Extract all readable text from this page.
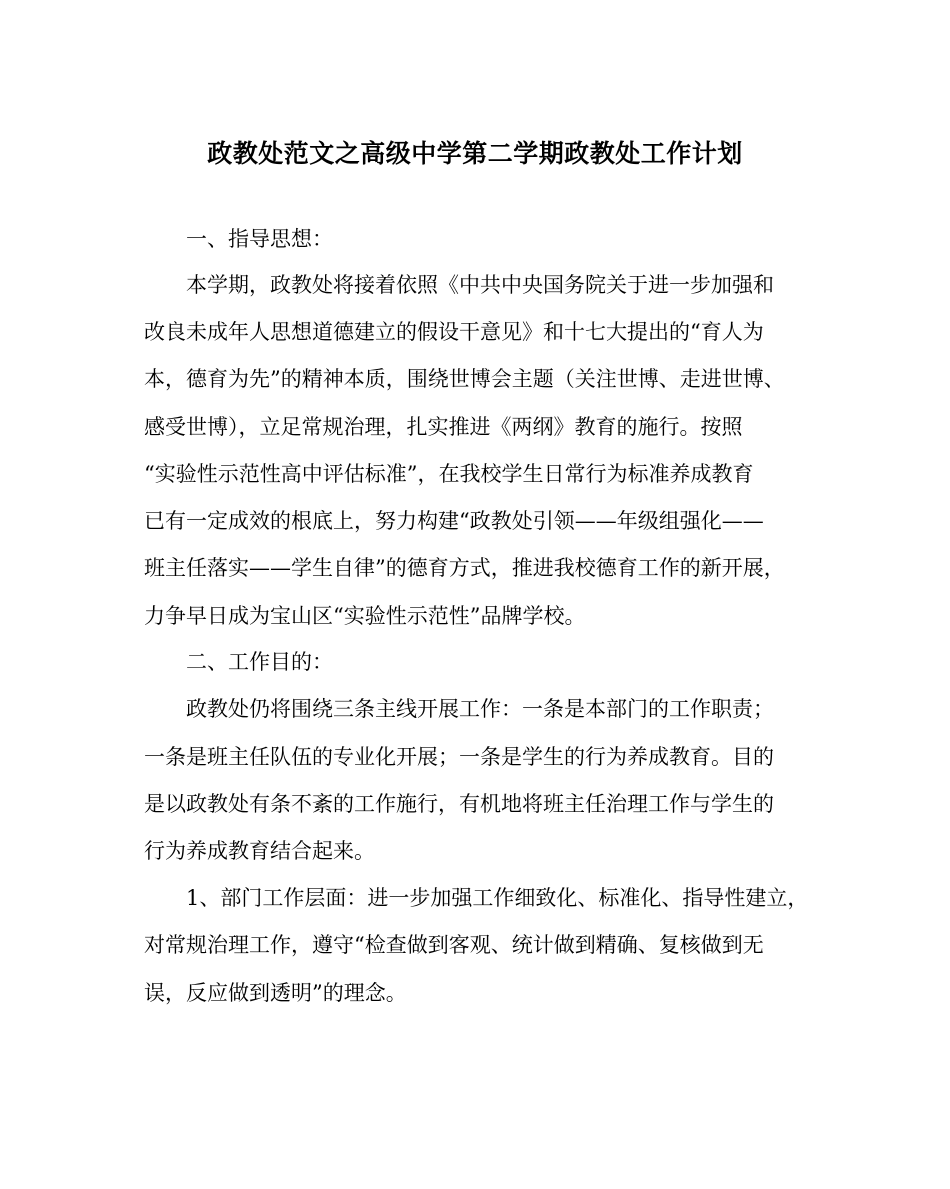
政教处范文之高级中学第二学期政教处工作计划
一、指导思想：
本学期，政教处将接着依照《中共中央国务院关于进一步加强和
改良未成年人思想道德建立的假设干意见》和十七大提出的“育人为
本，德育为先”的精神本质，围绕世博会主题（关注世博、走进世博、
感受世博），立足常规治理，扎实推进《两纲》教育的施行。按照
“实验性示范性高中评估标准”，在我校学生日常行为标准养成教育
已有一定成效的根底上，努力构建“政教处引领——年级组强化——
班主任落实——学生自律”的德育方式，推进我校德育工作的新开展，
力争早日成为宝山区“实验性示范性”品牌学校。
二、工作目的：
政教处仍将围绕三条主线开展工作：一条是本部门的工作职责；
一条是班主任队伍的专业化开展；一条是学生的行为养成教育。目的
是以政教处有条不紊的工作施行，有机地将班主任治理工作与学生的
行为养成教育结合起来。
1、部门工作层面：进一步加强工作细致化、标准化、指导性建立，
对常规治理工作，遵守“检查做到客观、统计做到精确、复核做到无
误，反应做到透明”的理念。
